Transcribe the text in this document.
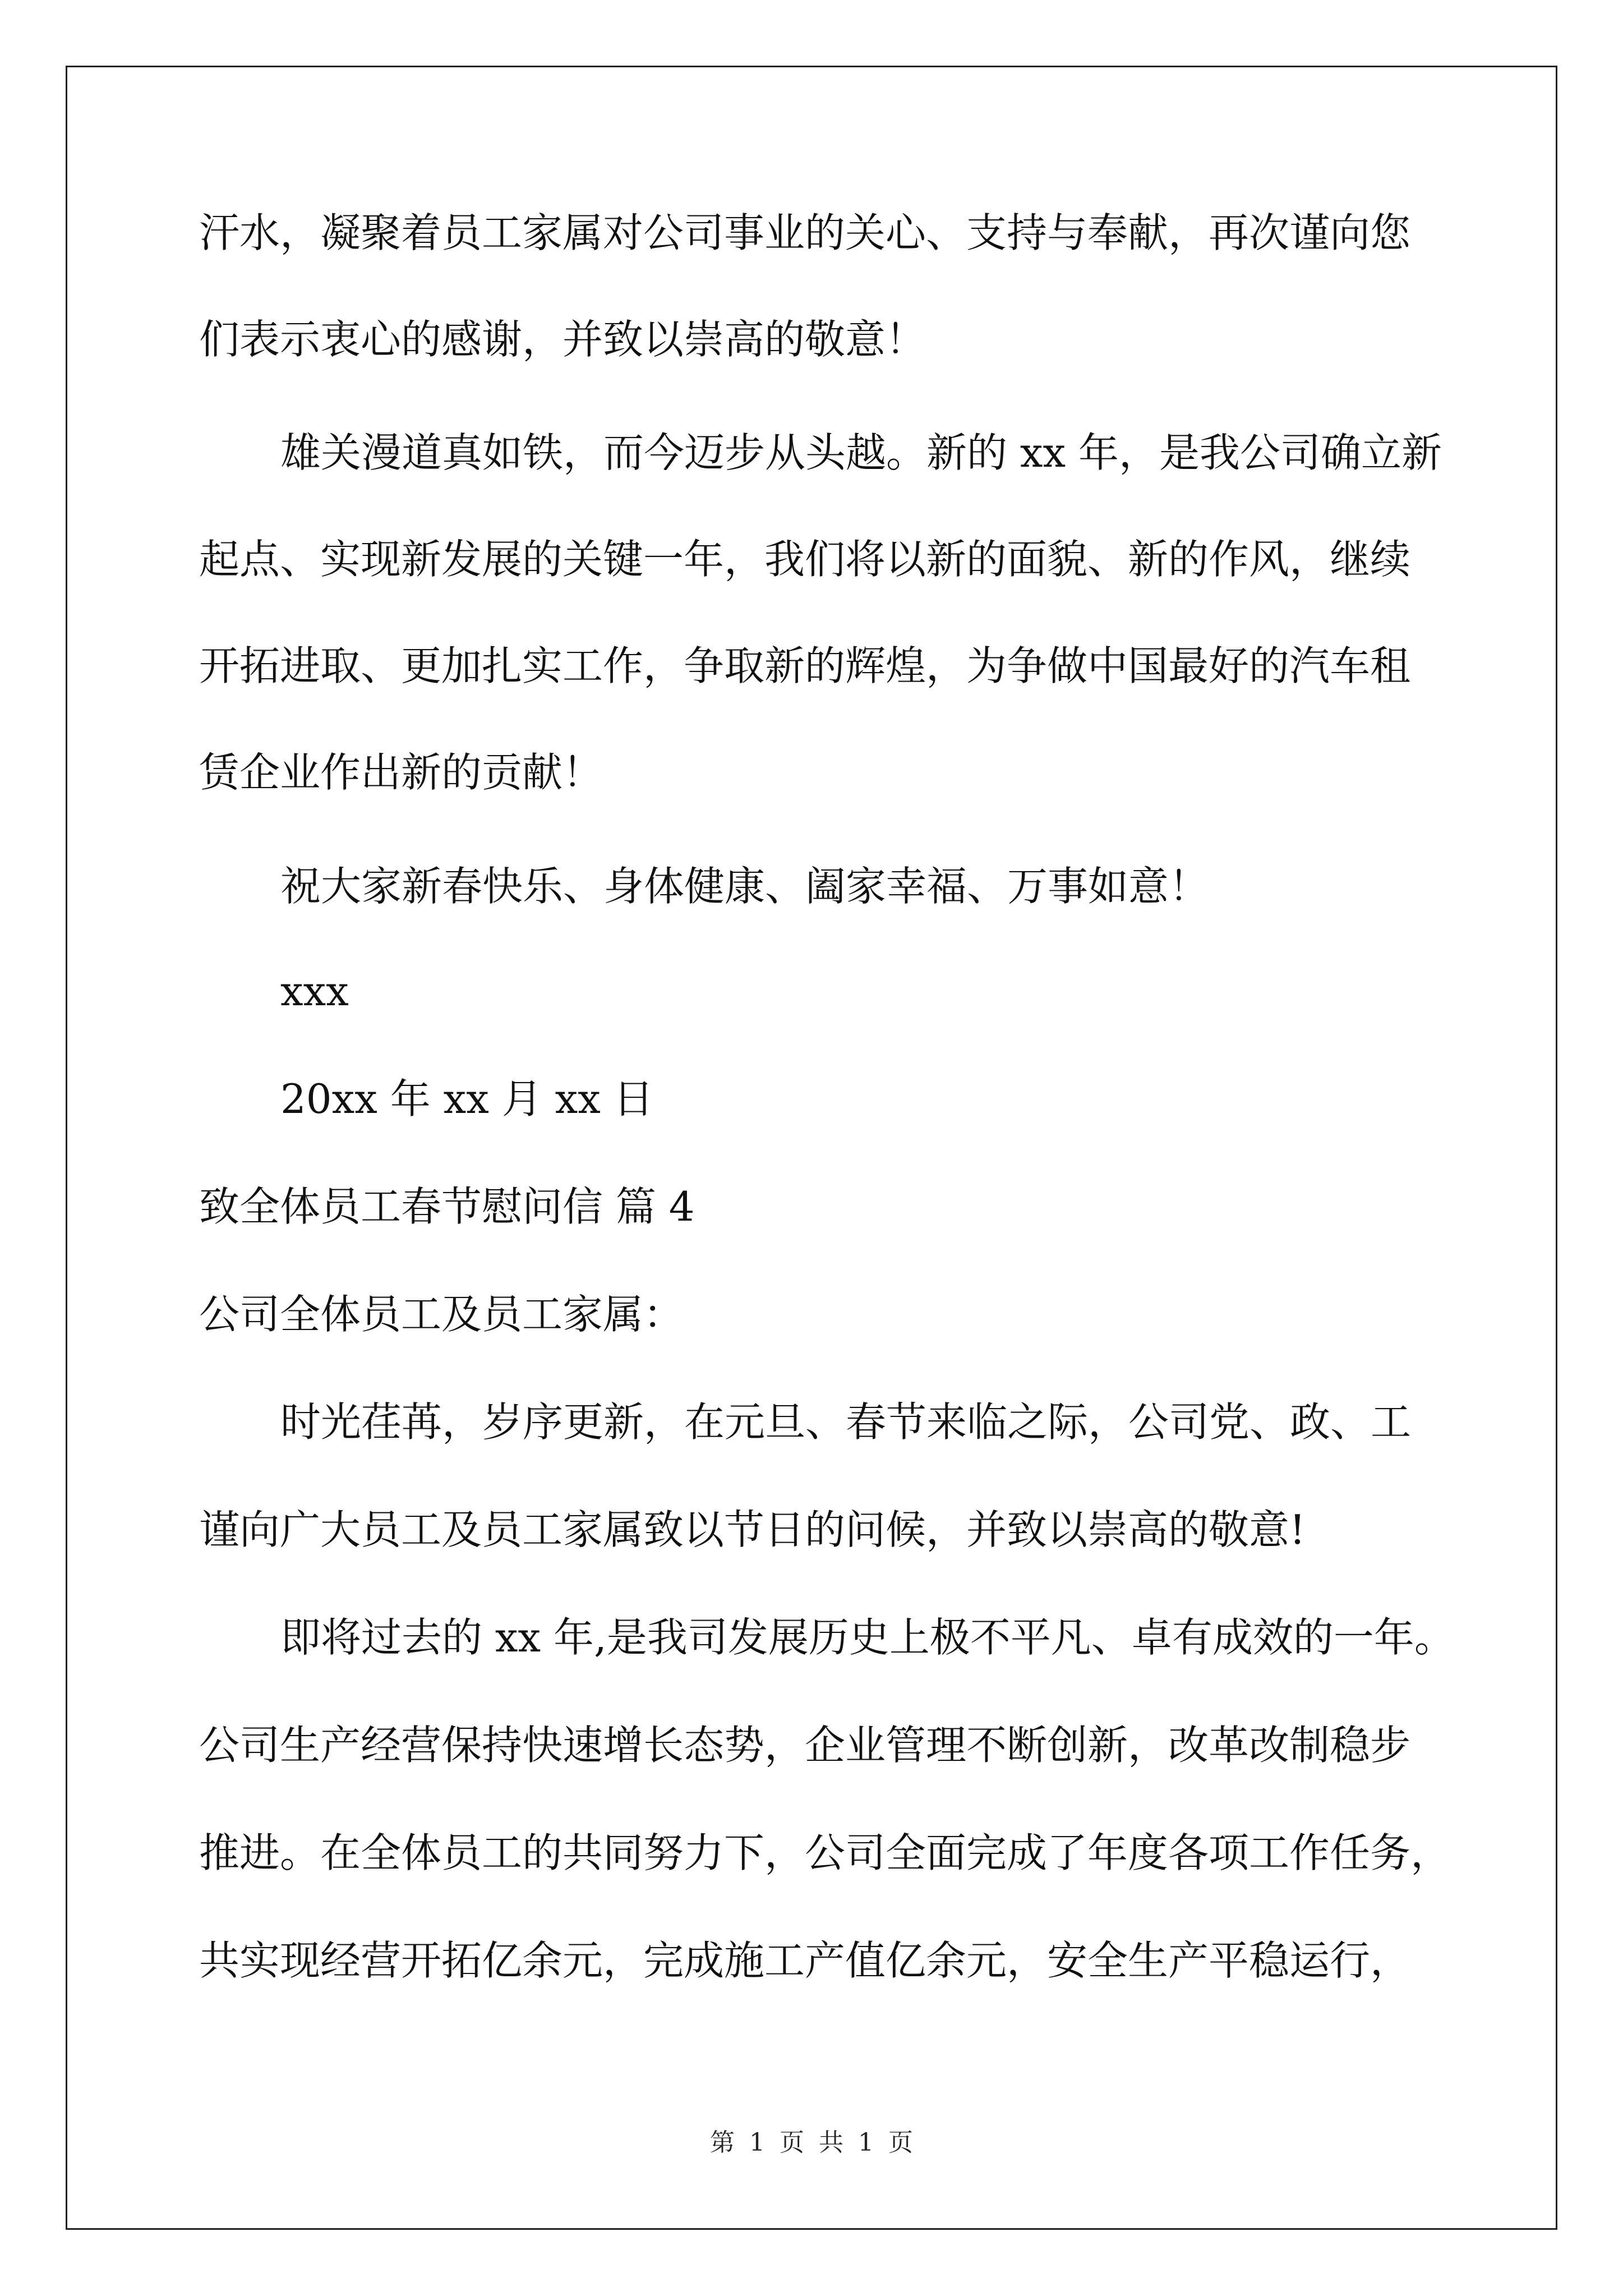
汗水，凝聚着员工家属对公司事业的关心、支持与奉献，再次谨向您
们表示衷心的感谢，并致以崇高的敬意！
雄关漫道真如铁，而今迈步从头越。新的 xx 年，是我公司确立新
起点、实现新发展的关键一年，我们将以新的面貌、新的作风，继续
开拓进取、更加扎实工作，争取新的辉煌，为争做中国最好的汽车租
赁企业作出新的贡献！
祝大家新春快乐、身体健康、阖家幸福、万事如意！
xxx
20xx 年 xx 月 xx 日
致全体员工春节慰问信 篇 4
公司全体员工及员工家属：
时光荏苒，岁序更新，在元旦、春节来临之际，公司党、政、工
谨向广大员工及员工家属致以节日的问候，并致以崇高的敬意!
即将过去的 xx 年,是我司发展历史上极不平凡、卓有成效的一年。
公司生产经营保持快速增长态势，企业管理不断创新，改革改制稳步
推进。在全体员工的共同努力下，公司全面完成了年度各项工作任务，
共实现经营开拓亿余元，完成施工产值亿余元，安全生产平稳运行，
第 1 页 共 1 页
